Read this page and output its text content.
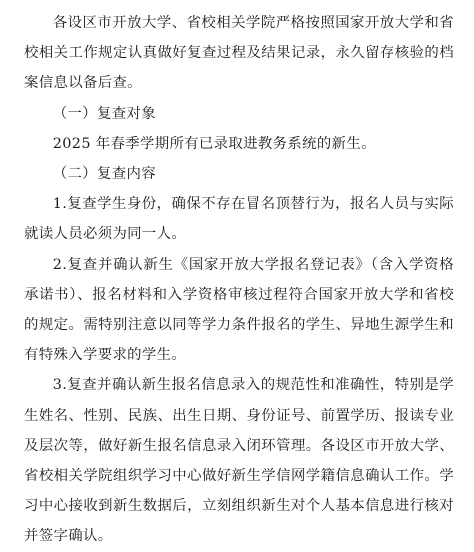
各设区市开放大学、省校相关学院严格按照国家开放大学和省校相关工作规定认真做好复查过程及结果记录，永久留存核验的档案信息以备后查。

（一）复查对象

2025 年春季学期所有已录取进教务系统的新生。

（二）复查内容

1.复查学生身份，确保不存在冒名顶替行为，报名人员与实际就读人员必须为同一人。

2.复查并确认新生《国家开放大学报名登记表》（含入学资格承诺书）、报名材料和入学资格审核过程符合国家开放大学和省校的规定。需特别注意以同等学力条件报名的学生、异地生源学生和有特殊入学要求的学生。

3.复查并确认新生报名信息录入的规范性和准确性，特别是学生姓名、性别、民族、出生日期、身份证号、前置学历、报读专业及层次等，做好新生报名信息录入闭环管理。各设区市开放大学、省校相关学院组织学习中心做好新生学信网学籍信息确认工作。学习中心接收到新生数据后，立刻组织新生对个人基本信息进行核对并签字确认。
